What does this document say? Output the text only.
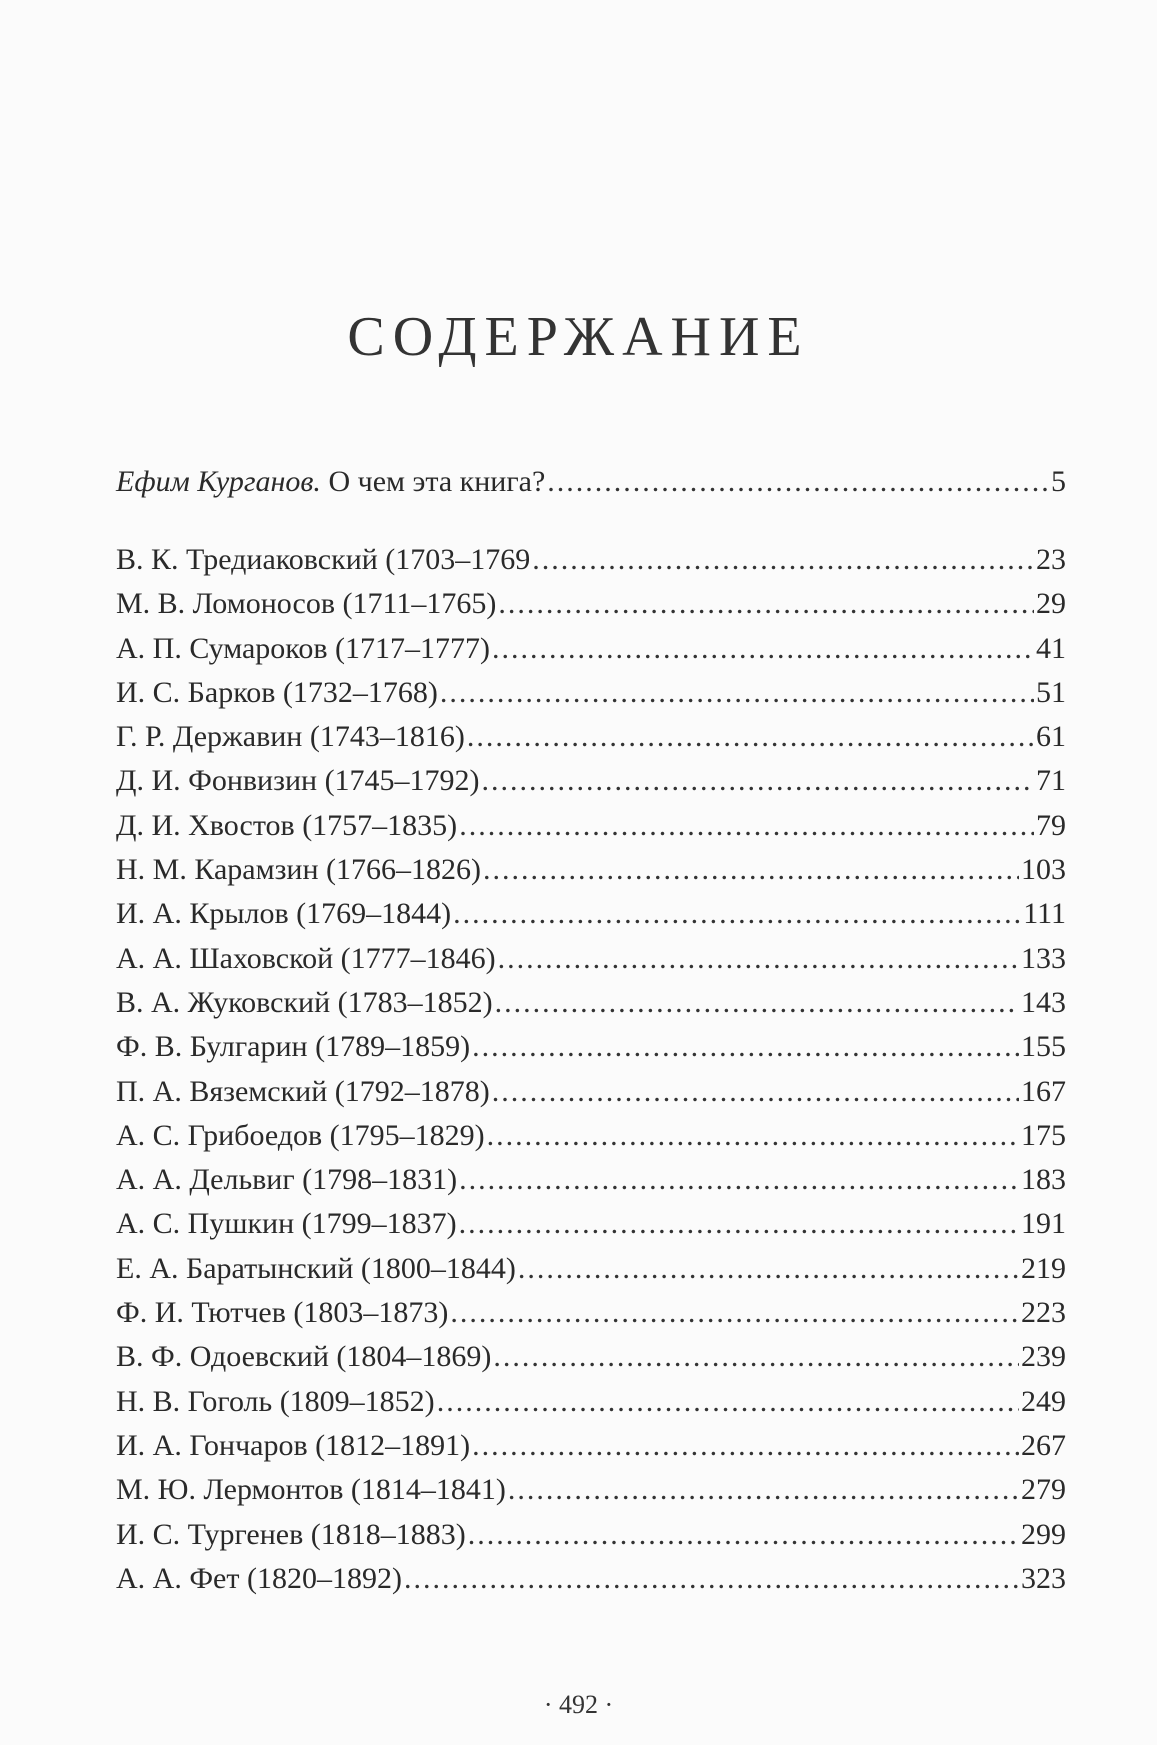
СОДЕРЖАНИЕ
Ефим Курганов. О чем эта книга? .....	5
В. К. Тредиаковский (1703–1769 .....	23
М. В. Ломоносов (1711–1765) .....	29
А. П. Сумароков (1717–1777) .....	41
И. С. Барков (1732–1768) .....	51
Г. Р. Державин (1743–1816) .....	61
Д. И. Фонвизин (1745–1792) .....	71
Д. И. Хвостов (1757–1835) .....	79
Н. М. Карамзин (1766–1826) .....	103
И. А. Крылов (1769–1844) .....	111
А. А. Шаховской (1777–1846) .....	133
В. А. Жуковский (1783–1852) .....	143
Ф. В. Булгарин (1789–1859) .....	155
П. А. Вяземский (1792–1878) .....	167
А. С. Грибоедов (1795–1829) .....	175
А. А. Дельвиг (1798–1831) .....	183
А. С. Пушкин (1799–1837) .....	191
Е. А. Баратынский (1800–1844) .....	219
Ф. И. Тютчев (1803–1873) .....	223
В. Ф. Одоевский (1804–1869) .....	239
Н. В. Гоголь (1809–1852) .....	249
И. А. Гончаров (1812–1891) .....	267
М. Ю. Лермонтов (1814–1841) .....	279
И. С. Тургенев (1818–1883) .....	299
А. А. Фет (1820–1892) .....	323
· 492 ·
